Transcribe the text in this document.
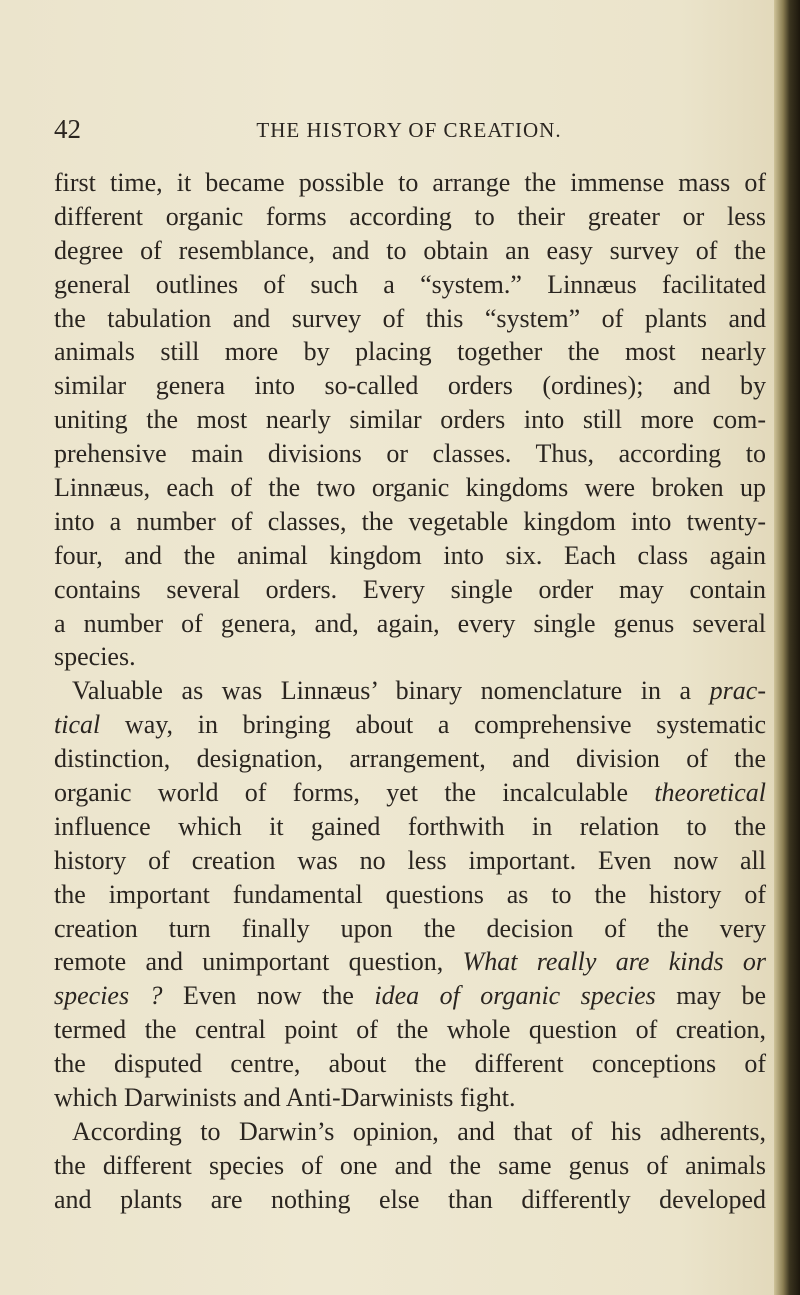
42	THE HISTORY OF CREATION.
first time, it became possible to arrange the immense mass of
different organic forms according to their greater or less
degree of resemblance, and to obtain an easy survey of the
general outlines of such a “system.” Linnæus facilitated
the tabulation and survey of this “system” of plants and
animals still more by placing together the most nearly
similar genera into so-called orders (ordines); and by
uniting the most nearly similar orders into still more com-
prehensive main divisions or classes. Thus, according to
Linnæus, each of the two organic kingdoms were broken up
into a number of classes, the vegetable kingdom into twenty-
four, and the animal kingdom into six. Each class again
contains several orders. Every single order may contain
a number of genera, and, again, every single genus several
species.
Valuable as was Linnæus’ binary nomenclature in a prac-
tical way, in bringing about a comprehensive systematic
distinction, designation, arrangement, and division of the
organic world of forms, yet the incalculable theoretical
influence which it gained forthwith in relation to the
history of creation was no less important. Even now all
the important fundamental questions as to the history of
creation turn finally upon the decision of the very
remote and unimportant question, What really are kinds or
species ? Even now the idea of organic species may be
termed the central point of the whole question of creation,
the disputed centre, about the different conceptions of
which Darwinists and Anti-Darwinists fight.
According to Darwin’s opinion, and that of his adherents,
the different species of one and the same genus of animals
and plants are nothing else than differently developed
